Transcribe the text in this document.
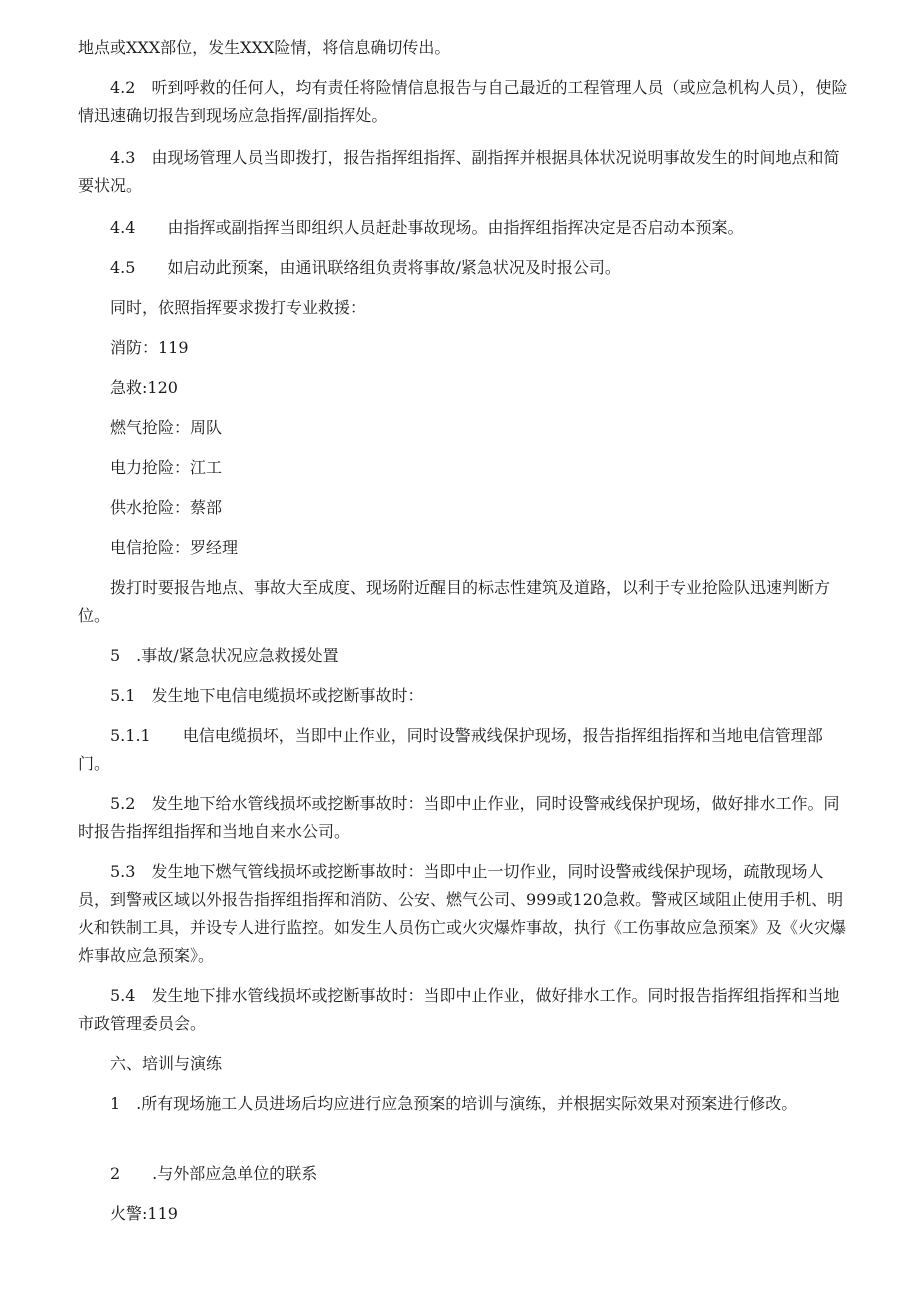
地点或XXX部位，发生XXX险情，将信息确切传出。

4.2　听到呼救的任何人，均有责任将险情信息报告与自己最近的工程管理人员（或应急机构人员），使险情迅速确切报告到现场应急指挥/副指挥处。

4.3　由现场管理人员当即拨打，报告指挥组指挥、副指挥并根据具体状况说明事故发生的时间地点和简要状况。

4.4　　由指挥或副指挥当即组织人员赶赴事故现场。由指挥组指挥决定是否启动本预案。

4.5　　如启动此预案，由通讯联络组负责将事故/紧急状况及时报公司。

同时，依照指挥要求拨打专业救援：

消防：119

急救:120

燃气抢险：周队

电力抢险：江工

供水抢险：蔡部

电信抢险：罗经理

拨打时要报告地点、事故大至成度、现场附近醒目的标志性建筑及道路，以利于专业抢险队迅速判断方位。

5　.事故/紧急状况应急救援处置

5.1　发生地下电信电缆损坏或挖断事故时：

5.1.1　　电信电缆损坏，当即中止作业，同时设警戒线保护现场，报告指挥组指挥和当地电信管理部门。

5.2　发生地下给水管线损坏或挖断事故时：当即中止作业，同时设警戒线保护现场，做好排水工作。同时报告指挥组指挥和当地自来水公司。

5.3　发生地下燃气管线损坏或挖断事故时：当即中止一切作业，同时设警戒线保护现场，疏散现场人员，到警戒区域以外报告指挥组指挥和消防、公安、燃气公司、999或120急救。警戒区域阻止使用手机、明火和铁制工具，并设专人进行监控。如发生人员伤亡或火灾爆炸事故，执行《工伤事故应急预案》及《火灾爆炸事故应急预案》。

5.4　发生地下排水管线损坏或挖断事故时：当即中止作业，做好排水工作。同时报告指挥组指挥和当地市政管理委员会。

六、培训与演练

1　.所有现场施工人员进场后均应进行应急预案的培训与演练，并根据实际效果对预案进行修改。

2　　.与外部应急单位的联系

火警:119
